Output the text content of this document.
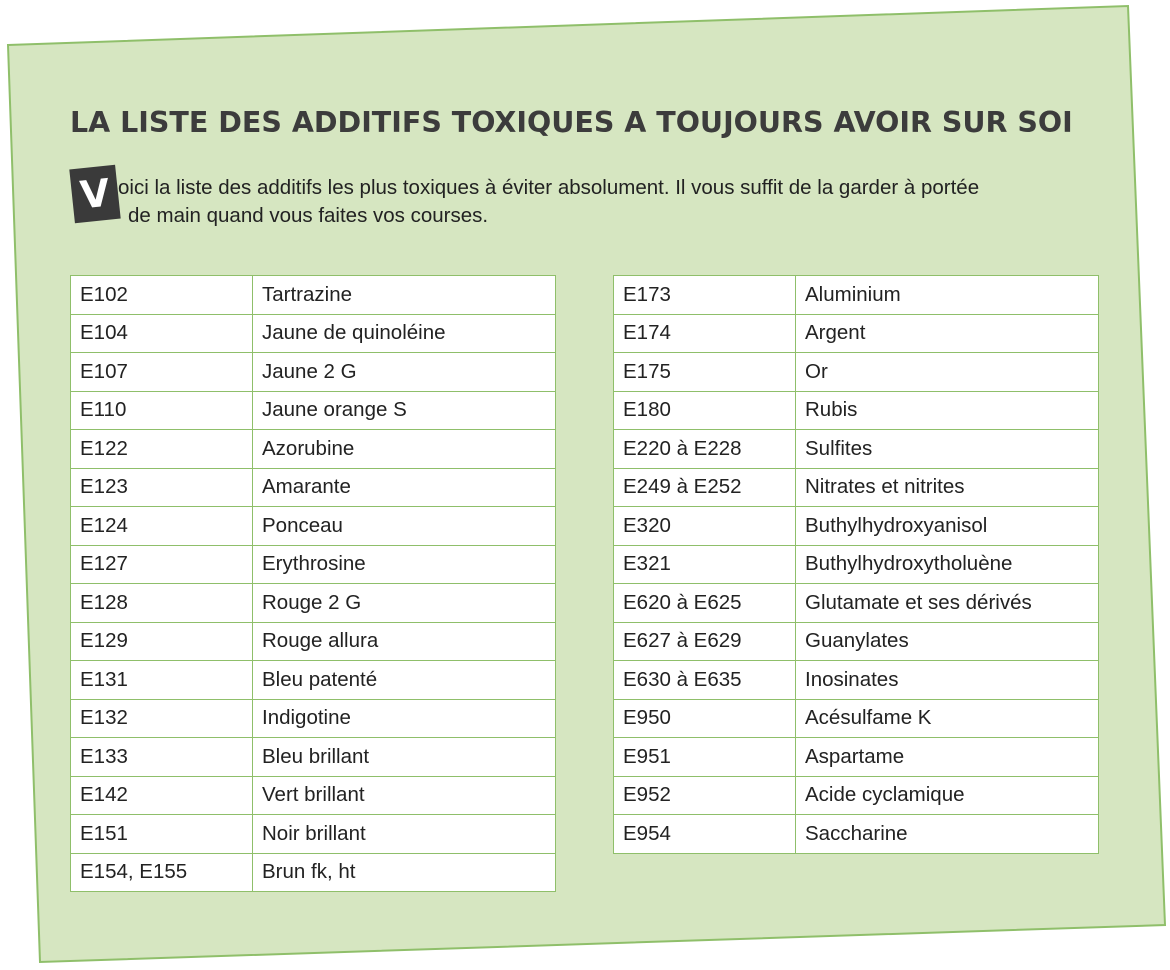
LA LISTE DES ADDITIFS TOXIQUES A TOUJOURS AVOIR SUR SOI
V oici la liste des additifs les plus toxiques à éviter absolument. Il vous suffit de la garder à portée
de main quand vous faites vos courses.

E102	Tartrazine
E104	Jaune de quinoléine
E107	Jaune 2 G
E110	Jaune orange S
E122	Azorubine
E123	Amarante
E124	Ponceau
E127	Erythrosine
E128	Rouge 2 G
E129	Rouge allura
E131	Bleu patenté
E132	Indigotine
E133	Bleu brillant
E142	Vert brillant
E151	Noir brillant
E154, E155	Brun fk, ht
E173	Aluminium
E174	Argent
E175	Or
E180	Rubis
E220 à E228	Sulfites
E249 à E252	Nitrates et nitrites
E320	Buthylhydroxyanisol
E321	Buthylhydroxytholuène
E620 à E625	Glutamate et ses dérivés
E627 à E629	Guanylates
E630 à E635	Inosinates
E950	Acésulfame K
E951	Aspartame
E952	Acide cyclamique
E954	Saccharine
